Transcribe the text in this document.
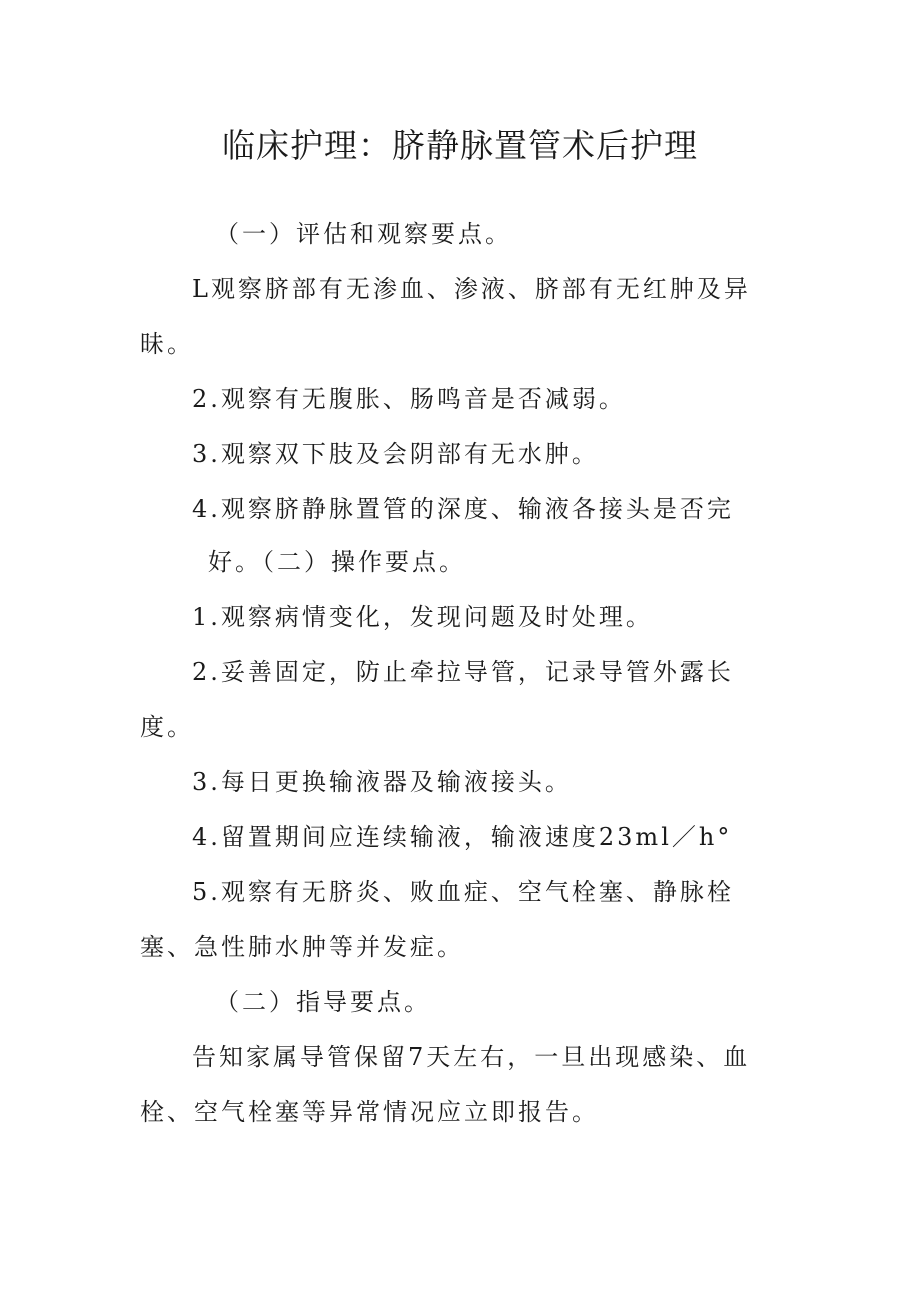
临床护理：脐静脉置管术后护理

（一）评估和观察要点。

L观察脐部有无渗血、渗液、脐部有无红肿及异

昧。

2.观察有无腹胀、肠鸣音是否减弱。

3.观察双下肢及会阴部有无水肿。

4.观察脐静脉置管的深度、输液各接头是否完

好。（二）操作要点。

1.观察病情变化，发现问题及时处理。

2.妥善固定，防止牵拉导管，记录导管外露长

度。

3.每日更换输液器及输液接头。

4.留置期间应连续输液，输液速度23ml／h°

5.观察有无脐炎、败血症、空气栓塞、静脉栓

塞、急性肺水肿等并发症。

（二）指导要点。

告知家属导管保留7天左右，一旦出现感染、血

栓、空气栓塞等异常情况应立即报告。
